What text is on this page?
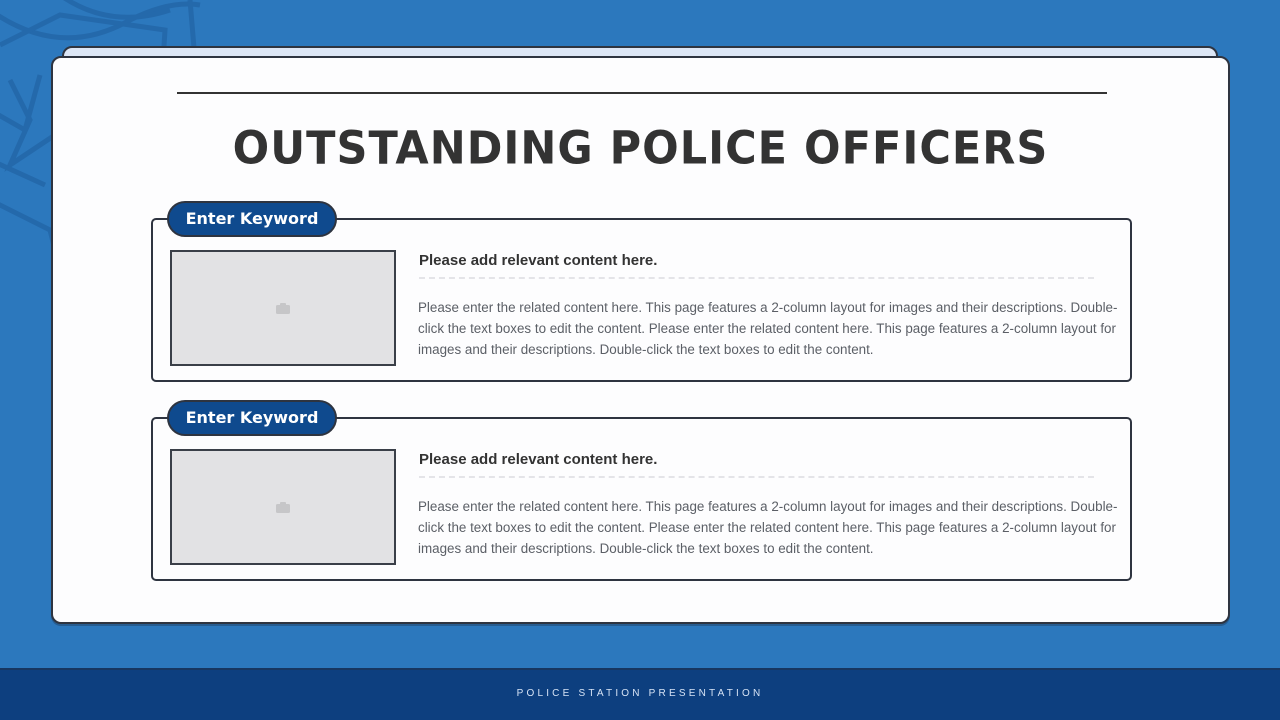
OUTSTANDING POLICE OFFICERS
Enter Keyword
Please add relevant content here.
Please enter the related content here. This page features a 2-column layout for images and their descriptions. Double-click the text boxes to edit the content. Please enter the related content here. This page features a 2-column layout for images and their descriptions. Double-click the text boxes to edit the content.
Enter Keyword
Please add relevant content here.
Please enter the related content here. This page features a 2-column layout for images and their descriptions. Double-click the text boxes to edit the content. Please enter the related content here. This page features a 2-column layout for images and their descriptions. Double-click the text boxes to edit the content.
POLICE STATION PRESENTATION
